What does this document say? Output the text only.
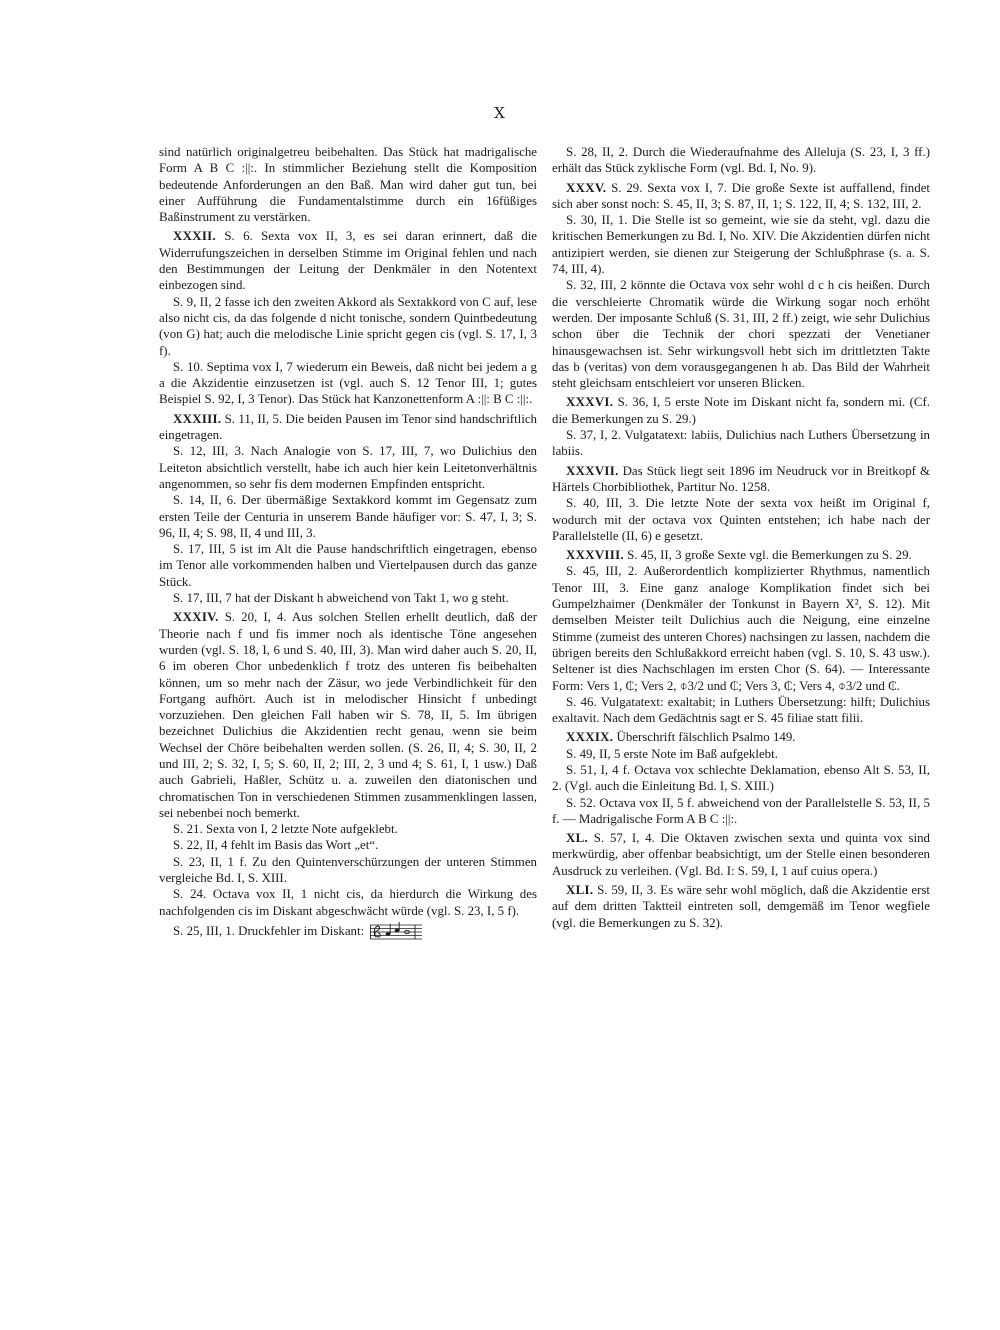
X

sind natürlich originalgetreu beibehalten. Das Stück hat madrigalische Form A B C :||:. In stimmlicher Beziehung stellt die Komposition bedeutende Anforderungen an den Baß. Man wird daher gut tun, bei einer Aufführung die Fundamentalstimme durch ein 16füßiges Baßinstrument zu verstärken.

XXXII. S. 6. Sexta vox II, 3, es sei daran erinnert, daß die Widerrufungszeichen in derselben Stimme im Original fehlen und nach den Bestimmungen der Leitung der Denkmäler in den Notentext einbezogen sind.

S. 9, II, 2 fasse ich den zweiten Akkord als Sextakkord von C auf, lese also nicht cis, da das folgende d nicht tonische, sondern Quintbedeutung (von G) hat; auch die melodische Linie spricht gegen cis (vgl. S. 17, I, 3 f).

S. 10. Septima vox I, 7 wiederum ein Beweis, daß nicht bei jedem a g a die Akzidentie einzusetzen ist (vgl. auch S. 12 Tenor III, 1; gutes Beispiel S. 92, I, 3 Tenor). Das Stück hat Kanzonettenform A :||: B C :||:.

XXXIII. S. 11, II, 5. Die beiden Pausen im Tenor sind handschriftlich eingetragen.

S. 12, III, 3. Nach Analogie von S. 17, III, 7, wo Dulichius den Leiteton absichtlich verstellt, habe ich auch hier kein Leitetonverhältnis angenommen, so sehr fis dem modernen Empfinden entspricht.

S. 14, II, 6. Der übermäßige Sextakkord kommt im Gegensatz zum ersten Teile der Centuria in unserem Bande häufiger vor: S. 47, I, 3; S. 96, II, 4; S. 98, II, 4 und III, 3.

S. 17, III, 5 ist im Alt die Pause handschriftlich eingetragen, ebenso im Tenor alle vorkommenden halben und Viertelpausen durch das ganze Stück.

S. 17, III, 7 hat der Diskant h abweichend von Takt 1, wo g steht.

XXXIV. S. 20, I, 4. Aus solchen Stellen erhellt deutlich, daß der Theorie nach f und fis immer noch als identische Töne angesehen wurden (vgl. S. 18, I, 6 und S. 40, III, 3). Man wird daher auch S. 20, II, 6 im oberen Chor unbedenklich f trotz des unteren fis beibehalten können, um so mehr nach der Zäsur, wo jede Verbindlichkeit für den Fortgang aufhört. Auch ist in melodischer Hinsicht f unbedingt vorzuziehen. Den gleichen Fall haben wir S. 78, II, 5. Im übrigen bezeichnet Dulichius die Akzidentien recht genau, wenn sie beim Wechsel der Chöre beibehalten werden sollen. (S. 26, II, 4; S. 30, II, 2 und III, 2; S. 32, I, 5; S. 60, II, 2; III, 2, 3 und 4; S. 61, I, 1 usw.) Daß auch Gabrieli, Haßler, Schütz u. a. zuweilen den diatonischen und chromatischen Ton in verschiedenen Stimmen zusammenklingen lassen, sei nebenbei noch bemerkt.

S. 21. Sexta von I, 2 letzte Note aufgeklebt.

S. 22, II, 4 fehlt im Basis das Wort „et“.

S. 23, II, 1 f. Zu den Quintenverschürzungen der unteren Stimmen vergleiche Bd. I, S. XIII.

S. 24. Octava vox II, 1 nicht cis, da hierdurch die Wirkung des nachfolgenden cis im Diskant abgeschwächt würde (vgl. S. 23, I, 5 f).

S. 25, III, 1. Druckfehler im Diskant:

S. 28, II, 2. Durch die Wiederaufnahme des Alleluja (S. 23, I, 3 ff.) erhält das Stück zyklische Form (vgl. Bd. I, No. 9).

XXXV. S. 29. Sexta vox I, 7. Die große Sexte ist auffallend, findet sich aber sonst noch: S. 45, II, 3; S. 87, II, 1; S. 122, II, 4; S. 132, III, 2.

S. 30, II, 1. Die Stelle ist so gemeint, wie sie da steht, vgl. dazu die kritischen Bemerkungen zu Bd. I, No. XIV. Die Akzidentien dürfen nicht antizipiert werden, sie dienen zur Steigerung der Schlußphrase (s. a. S. 74, III, 4).

S. 32, III, 2 könnte die Octava vox sehr wohl d c h cis heißen. Durch die verschleierte Chromatik würde die Wirkung sogar noch erhöht werden. Der imposante Schluß (S. 31, III, 2 ff.) zeigt, wie sehr Dulichius schon über die Technik der chori spezzati der Venetianer hinausgewachsen ist. Sehr wirkungsvoll hebt sich im drittletzten Takte das b (veritas) von dem vorausgegangenen h ab. Das Bild der Wahrheit steht gleichsam entschleiert vor unseren Blicken.

XXXVI. S. 36, I, 5 erste Note im Diskant nicht fa, sondern mi. (Cf. die Bemerkungen zu S. 29.)

S. 37, I, 2. Vulgatatext: labiis, Dulichius nach Luthers Übersetzung in labiis.

XXXVII. Das Stück liegt seit 1896 im Neudruck vor in Breitkopf & Härtels Chorbibliothek, Partitur No. 1258.

S. 40, III, 3. Die letzte Note der sexta vox heißt im Original f, wodurch mit der octava vox Quinten entstehen; ich habe nach der Parallelstelle (II, 6) e gesetzt.

XXXVIII. S. 45, II, 3 große Sexte vgl. die Bemerkungen zu S. 29.

S. 45, III, 2. Außerordentlich komplizierter Rhythmus, namentlich Tenor III, 3. Eine ganz analoge Komplikation findet sich bei Gumpelzhaimer (Denkmäler der Tonkunst in Bayern X², S. 12). Mit demselben Meister teilt Dulichius auch die Neigung, eine einzelne Stimme (zumeist des unteren Chores) nachsingen zu lassen, nachdem die übrigen bereits den Schlußakkord erreicht haben (vgl. S. 10, S. 43 usw.). Seltener ist dies Nachschlagen im ersten Chor (S. 64). — Interessante Form: Vers 1, ₵; Vers 2, ⌽3/2 und ₵; Vers 3, ₵; Vers 4, ⌽3/2 und ₵.

S. 46. Vulgatatext: exaltabit; in Luthers Übersetzung: hilft; Dulichius exaltavit. Nach dem Gedächtnis sagt er S. 45 filiae statt filii.

XXXIX. Überschrift fälschlich Psalmo 149.

S. 49, II, 5 erste Note im Baß aufgeklebt.

S. 51, I, 4 f. Octava vox schlechte Deklamation, ebenso Alt S. 53, II, 2. (Vgl. auch die Einleitung Bd. I, S. XIII.)

S. 52. Octava vox II, 5 f. abweichend von der Parallelstelle S. 53, II, 5 f. — Madrigalische Form A B C :||:.

XL. S. 57, I, 4. Die Oktaven zwischen sexta und quinta vox sind merkwürdig, aber offenbar beabsichtigt, um der Stelle einen besonderen Ausdruck zu verleihen. (Vgl. Bd. I: S. 59, I, 1 auf cuius opera.)

XLI. S. 59, II, 3. Es wäre sehr wohl möglich, daß die Akzidentie erst auf dem dritten Taktteil eintreten soll, demgemäß im Tenor wegfiele (vgl. die Bemerkungen zu S. 32).
